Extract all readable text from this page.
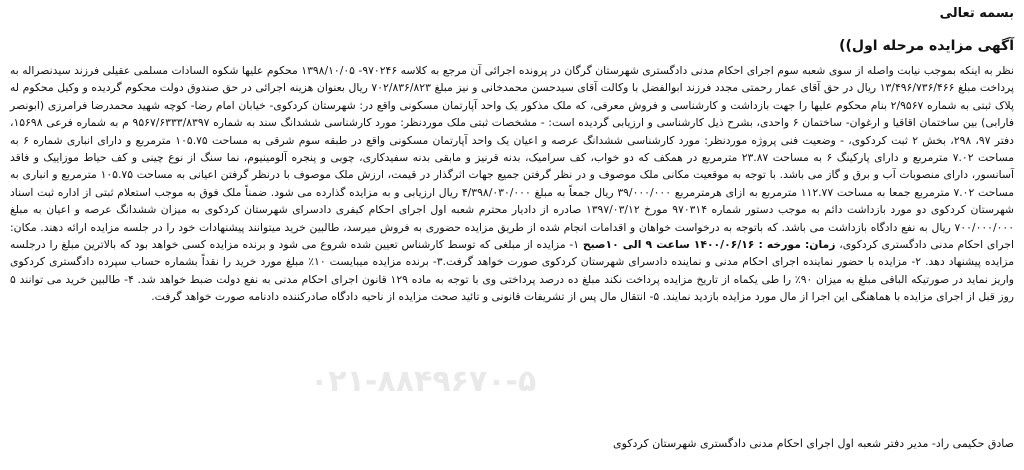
بسمه تعالی
آگهی مزایده مرحله اول))
نظر به اینکه بموجب نیابت واصله از سوی شعبه سوم اجرای احکام مدنی دادگستری شهرستان گرگان در پرونده اجرائی آن مرجع به کلاسه ۹۷۰۲۴۶- ۱۳۹۸/۱۰/۰۵ محکوم علیها شکوه السادات مسلمی عقیلی فرزند سیدنصراله به پرداخت مبلغ ۱۳/۴۹۶/۷۳۶/۴۶۶ ریال در حق آقای عمار رحمتی مجدد فرزند ابوالفضل با وکالت آقای سیدحسن محمدخانی و نیز مبلغ ۷۰۲/۸۳۶/۸۲۳ ریال بعنوان هزینه اجرائی در حق صندوق دولت محکوم گردیده و وکیل محکوم له پلاک ثبتی به شماره ۲/۹۵۶۷ بنام محکوم علیها را جهت بازداشت و کارشناسی و فروش معرفی، که ملک مذکور یک واحد آپارتمان مسکونی واقع در: شهرستان کردکوی- خیابان امام رضا- کوچه شهید محمدرضا فرامرزی (ابونصر فارابی) بین ساختمان اقاقیا و ارغوان- ساختمان ۶ واحدی، بشرح ذیل کارشناسی و ارزیابی گردیده است: - مشخصات ثبتی ملک موردنظر: مورد کارشناسی ششدانگ سند به شماره ۹۵۶۷/۶۳۳۳/۸۳۹۷ م به شماره فرعی ۱۵۶۹۸، دفتر ۹۷، ۲۹۸، بخش ۲ ثبت کردکوی، - وضعیت فنی پروژه موردنظر: مورد کارشناسی ششدانگ عرصه و اعیان یک واحد آپارتمان مسکونی واقع در طبقه سوم شرقی به مساحت ۱۰۵.۷۵ مترمربع و دارای انباری شماره ۶ به مساحت ۷.۰۲ مترمربع و دارای پارکینگ ۶ به مساحت ۲۳.۸۷ مترمربع در همکف که دو خواب، کف سرامیک، بدنه قرنیز و مابقی بدنه سفیدکاری، چوبی و پنجره آلومینیوم، نما سنگ از نوع چینی و کف حیاط موزاییک و فاقد آسانسور، دارای منصوبات آب و برق و گاز می باشد. با توجه به موقعیت مکانی ملک موصوف و در نظر گرفتن جمیع جهات اثرگذار در قیمت، ارزش ملک موصوف با درنظر گرفتن اعیانی به مساحت ۱۰۵.۷۵ مترمربع و انباری به مساحت ۷.۰۲ مترمربع جمعا به مساحت ۱۱۲.۷۷ مترمربع به ازای هرمترمربع ۳۹/۰۰۰/۰۰۰ ریال جمعاً به مبلغ ۴/۳۹۸/۰۳۰/۰۰۰ ریال ارزیابی و به مزایده گذارده می شود. ضمناً ملک فوق به موجب استعلام ثبتی از اداره ثبت اسناد شهرستان کردکوی دو مورد بازداشت دائم به موجب دستور شماره ۹۷۰۳۱۴ مورخ ۱۳۹۷/۰۳/۱۲ صادره از دادیار محترم شعبه اول اجرای احکام کیفری دادسرای شهرستان کردکوی به میزان ششدانگ عرصه و اعیان به مبلغ ۷۰۰/۰۰۰/۰۰۰ ریال به نفع دادگاه بازداشت می باشد. که باتوجه به درخواست خواهان و اقدامات انجام شده از طریق مزایده حضوری به فروش میرسد، طالبین خرید میتوانند پیشنهادات خود را در جلسه مزایده ارائه دهند. مکان: اجرای احکام مدنی دادگستری کردکوی، زمان: مورخه : ۱۴۰۰/۰۶/۱۶ ساعت ۹ الی ۱۰صبح ۱- مزایده از مبلغی که توسط کارشناس تعیین شده شروع می شود و برنده مزایده کسی خواهد بود که بالاترین مبلغ را درجلسه مزایده پیشنهاد دهد. ۲- مزایده با حضور نماینده اجرای احکام مدنی و نماینده دادسرای شهرستان کردکوی صورت خواهد گرفت.۳- برنده مزایده میبایست ۱۰٪ مبلغ مورد خرید را نقداً بشماره حساب سپرده دادگستری کردکوی واریز نماید در صورتیکه الباقی مبلغ به میزان ۹۰٪ را طی یکماه از تاریخ مزایده پرداخت نکند مبلغ ده درصد پرداختی وی با توجه به ماده ۱۲۹ قانون اجرای احکام مدنی به نفع دولت ضبط خواهد شد. ۴- طالبین خرید می توانند ۵ روز قبل از اجرای مزایده با هماهنگی این اجرا از مال مورد مزایده بازدید نمایند. ۵- انتقال مال پس از تشریفات قانونی و تائید صحت مزایده از ناحیه دادگاه صادرکننده دادنامه صورت خواهد گرفت.
۰۲۱-۸۸۴۹۶۷۰-۵
صادق حکیمی راد- مدیر دفتر شعبه اول اجرای احکام مدنی دادگستری شهرستان کردکوی
